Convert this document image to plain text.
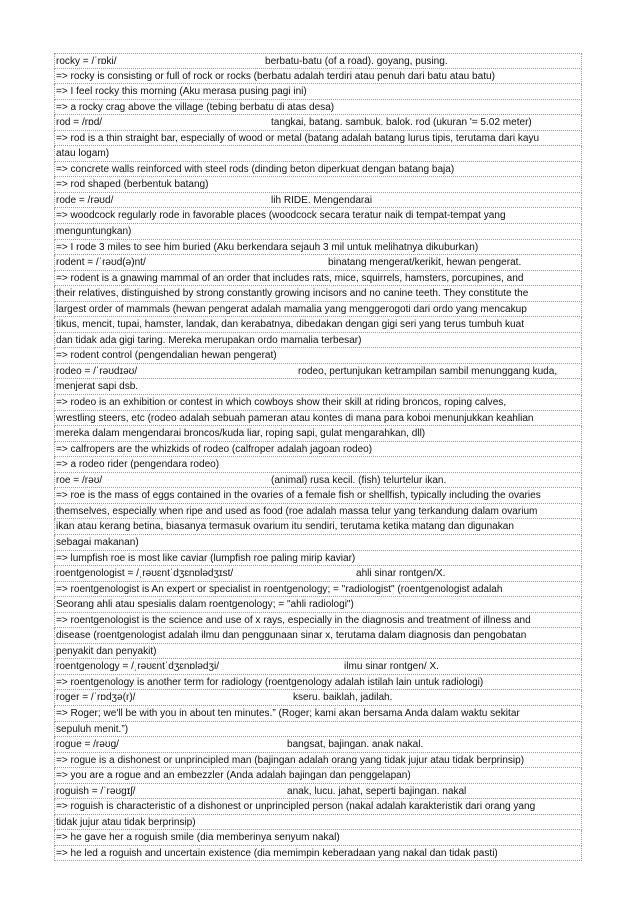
rocky = /ˈrɒki/	berbatu-batu (of a road). goyang, pusing.
=> rocky is consisting or full of rock or rocks (berbatu adalah terdiri atau penuh dari batu atau batu)
=> I feel rocky this morning (Aku merasa pusing pagi ini)
=> a rocky crag above the village (tebing berbatu di atas desa)
rod = /rɒd/	tangkai, batang. sambuk. balok. rod (ukuran '= 5.02 meter)
=> rod is a thin straight bar, especially of wood or metal (batang adalah batang lurus tipis, terutama dari kayu
atau logam)
=> concrete walls reinforced with steel rods (dinding beton diperkuat dengan batang baja)
=> rod shaped (berbentuk batang)
rode = /rəʊd/	lih RIDE. Mengendarai
=> woodcock regularly rode in favorable places (woodcock secara teratur naik di tempat-tempat yang
menguntungkan)
=> I rode 3 miles to see him buried (Aku berkendara sejauh 3 mil untuk melihatnya dikuburkan)
rodent = /ˈrəʊd(ə)nt/	binatang mengerat/kerikit, hewan pengerat.
=> rodent is a gnawing mammal of an order that includes rats, mice, squirrels, hamsters, porcupines, and
their relatives, distinguished by strong constantly growing incisors and no canine teeth. They constitute the
largest order of mammals (hewan pengerat adalah mamalia yang menggerogoti dari ordo yang mencakup
tikus, mencit, tupai, hamster, landak, dan kerabatnya, dibedakan dengan gigi seri yang terus tumbuh kuat
dan tidak ada gigi taring. Mereka merupakan ordo mamalia terbesar)
=> rodent control (pengendalian hewan pengerat)
rodeo = /ˈrəʊdɪəʊ/	rodeo, pertunjukan ketrampilan sambil menunggang kuda,
menjerat sapi dsb.
=> rodeo is an exhibition or contest in which cowboys show their skill at riding broncos, roping calves,
wrestling steers, etc (rodeo adalah sebuah pameran atau kontes di mana para koboi menunjukkan keahlian
mereka dalam mengendarai broncos/kuda liar, roping sapi, gulat mengarahkan, dll)
=> calfropers are the whizkids of rodeo (calfroper adalah jagoan rodeo)
=> a rodeo rider (pengendara rodeo)
roe = /rəʊ/	(animal) rusa kecil. (fish) telurtelur ikan.
=> roe is the mass of eggs contained in the ovaries of a female fish or shellfish, typically including the ovaries
themselves, especially when ripe and used as food (roe adalah massa telur yang terkandung dalam ovarium
ikan atau kerang betina, biasanya termasuk ovarium itu sendiri, terutama ketika matang dan digunakan
sebagai makanan)
=> lumpfish roe is most like caviar (lumpfish roe paling mirip kaviar)
roentgenologist = /ˌrəʊɛntˈdʒɛnɒlədʒɪst/	ahli sinar rontgen/X.
=> roentgenologist is An expert or specialist in roentgenology; = "radiologist" (roentgenologist adalah
Seorang ahli atau spesialis dalam roentgenology; = "ahli radiologi")
=> roentgenologist is the science and use of x rays, especially in the diagnosis and treatment of illness and
disease (roentgenologist adalah ilmu dan penggunaan sinar x, terutama dalam diagnosis dan pengobatan
penyakit dan penyakit)
roentgenology = /ˌrəʊɛntˈdʒɛnɒlədʒi/	ilmu sinar rontgen/ X.
=> roentgenology is another term for radiology (roentgenology adalah istilah lain untuk radiologi)
roger = /ˈrɒdʒə(r)/	kseru. baiklah, jadilah.
=> Roger; we'll be with you in about ten minutes.” (Roger; kami akan bersama Anda dalam waktu sekitar
sepuluh menit.”)
rogue = /rəʊɡ/	bangsat, bajingan. anak nakal.
=> rogue is a dishonest or unprincipled man (bajingan adalah orang yang tidak jujur atau tidak berprinsip)
=> you are a rogue and an embezzler (Anda adalah bajingan dan penggelapan)
roguish = /ˈrəʊɡɪʃ/	anak, lucu. jahat, seperti bajingan. nakal
=> roguish is characteristic of a dishonest or unprincipled person (nakal adalah karakteristik dari orang yang
tidak jujur atau tidak berprinsip)
=> he gave her a roguish smile (dia memberinya senyum nakal)
=> he led a roguish and uncertain existence (dia memimpin keberadaan yang nakal dan tidak pasti)
